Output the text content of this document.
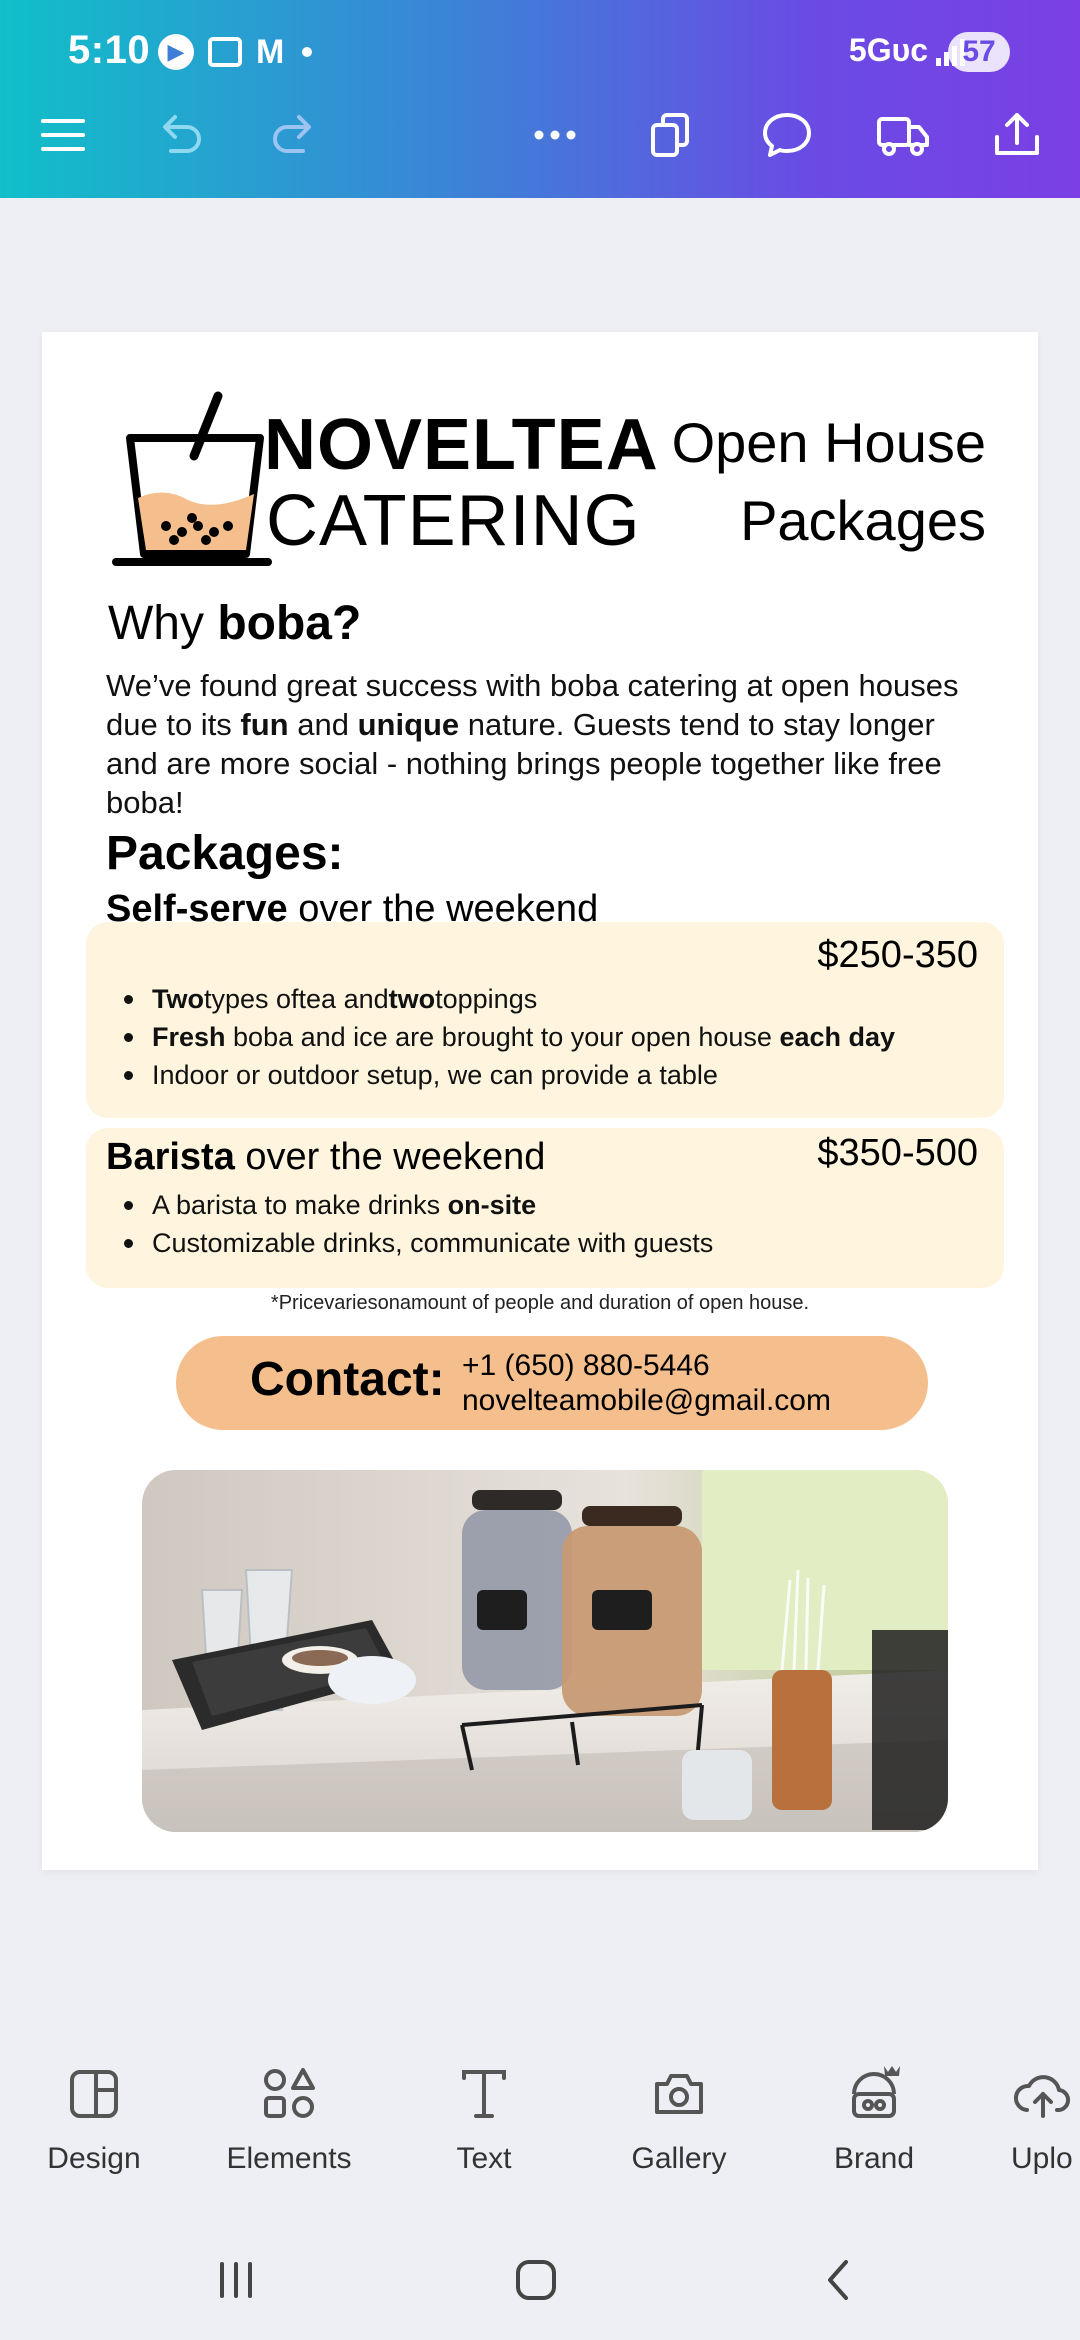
5:10 ▶ M	5Gᴜᴄ	57
NOVELTEA
CATERING
Open House
Packages
Why boba?
We’ve found great success with boba catering at open houses due to its fun and unique nature. Guests tend to stay longer and are more social - nothing brings people together like free boba!
Packages:
Self-serve over the weekend
$250-350
Twotypes oftea andtwotoppings
Fresh boba and ice are brought to your open house each day
Indoor or outdoor setup, we can provide a table
Barista over the weekend	$350-500
A barista to make drinks on-site
Customizable drinks, communicate with guests
*Pricevariesonamount of people and duration of open house.
Contact: +1 (650) 880-5446
novelteamobile@gmail.com
Design	Elements	Text	Gallery	Brand	Uplo
